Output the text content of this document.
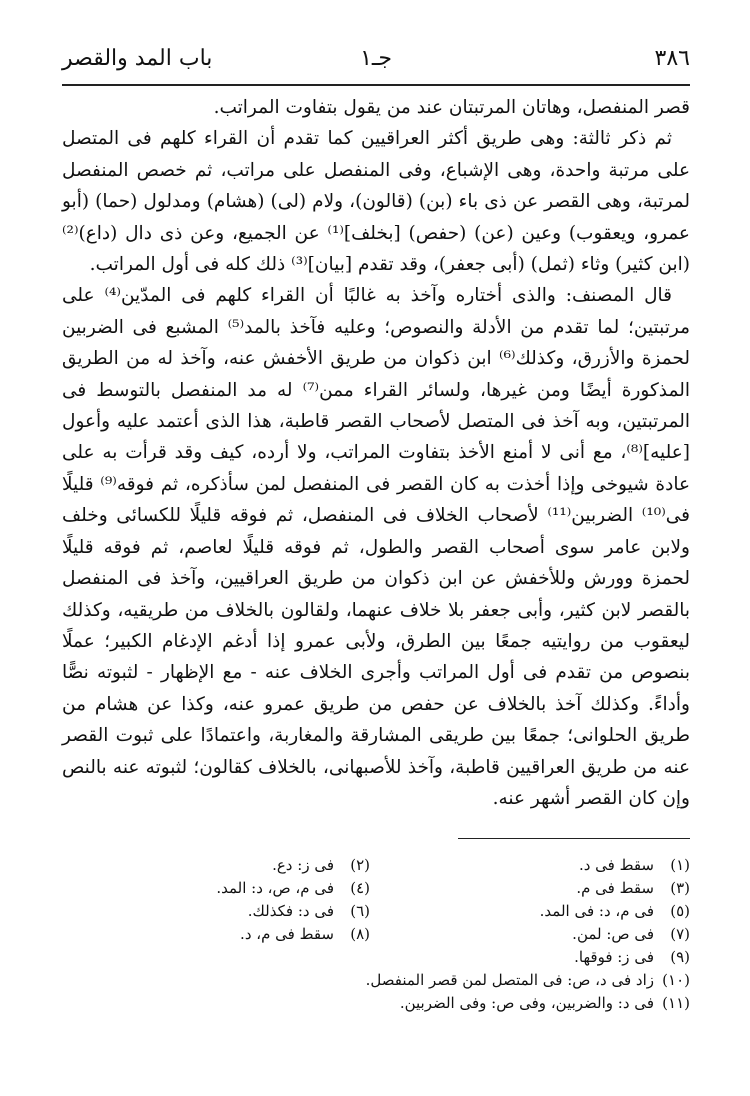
٣٨٦
جـ١
باب المد والقصر

قصر المنفصل، وهاتان المرتبتان عند من يقول بتفاوت المراتب.

ثم ذكر ثالثة: وهى طريق أكثر العراقيين كما تقدم أن القراء كلهم فى المتصل على مرتبة واحدة، وهى الإشباع، وفى المنفصل على مراتب، ثم خصص المنفصل لمرتبة، وهى القصر عن ذى باء (بن) (قالون)، ولام (لى) (هشام) ومدلول (حما) (أبو عمرو، ويعقوب) وعين (عن) (حفص) [بخلف]⁽¹⁾ عن الجميع، وعن ذى دال (داع)⁽²⁾ (ابن كثير) وثاء (ثمل) (أبى جعفر)، وقد تقدم [بيان]⁽³⁾ ذلك كله فى أول المراتب.

قال المصنف: والذى أختاره وآخذ به غالبًا أن القراء كلهم فى المدّين⁽⁴⁾ على مرتبتين؛ لما تقدم من الأدلة والنصوص؛ وعليه فآخذ بالمد⁽⁵⁾ المشبع فى الضربين لحمزة والأزرق، وكذلك⁽⁶⁾ ابن ذكوان من طريق الأخفش عنه، وآخذ له من الطريق المذكورة أيضًا ومن غيرها، ولسائر القراء ممن⁽⁷⁾ له مد المنفصل بالتوسط فى المرتبتين، وبه آخذ فى المتصل لأصحاب القصر قاطبة، هذا الذى أعتمد عليه وأعول [عليه]⁽⁸⁾، مع أنى لا أمنع الأخذ بتفاوت المراتب، ولا أرده، كيف وقد قرأت به على عادة شيوخى وإذا أخذت به كان القصر فى المنفصل لمن سأذكره، ثم فوقه⁽⁹⁾ قليلًا فى⁽¹⁰⁾ الضربين⁽¹¹⁾ لأصحاب الخلاف فى المنفصل، ثم فوقه قليلًا للكسائى وخلف ولابن عامر سوى أصحاب القصر والطول، ثم فوقه قليلًا لعاصم، ثم فوقه قليلًا لحمزة وورش وللأخفش عن ابن ذكوان من طريق العراقيين، وآخذ فى المنفصل بالقصر لابن كثير، وأبى جعفر بلا خلاف عنهما، ولقالون بالخلاف من طريقيه، وكذلك ليعقوب من روايتيه جمعًا بين الطرق، ولأبى عمرو إذا أدغم الإدغام الكبير؛ عملًا بنصوص من تقدم فى أول المراتب وأجرى الخلاف عنه - مع الإظهار - لثبوته نصًّا وأداءً. وكذلك آخذ بالخلاف عن حفص من طريق عمرو عنه، وكذا عن هشام من طريق الحلوانى؛ جمعًا بين طريقى المشارقة والمغاربة، واعتمادًا على ثبوت القصر عنه من طريق العراقيين قاطبة، وآخذ للأصبهانى، بالخلاف كقالون؛ لثبوته عنه بالنص وإن كان القصر أشهر عنه.

(١)سقط فى د.
(٢)فى ز: دع.
(٣)سقط فى م.
(٤)فى م، ص، د: المد.
(٥)فى م، د: فى المد.
(٦)فى د: فكذلك.
(٧)فى ص: لمن.
(٨)سقط فى م، د.
(٩)فى ز: فوقها.
(١٠)زاد فى د، ص: فى المتصل لمن قصر المنفصل.
(١١)فى د: والضربين، وفى ص: وفى الضربين.
